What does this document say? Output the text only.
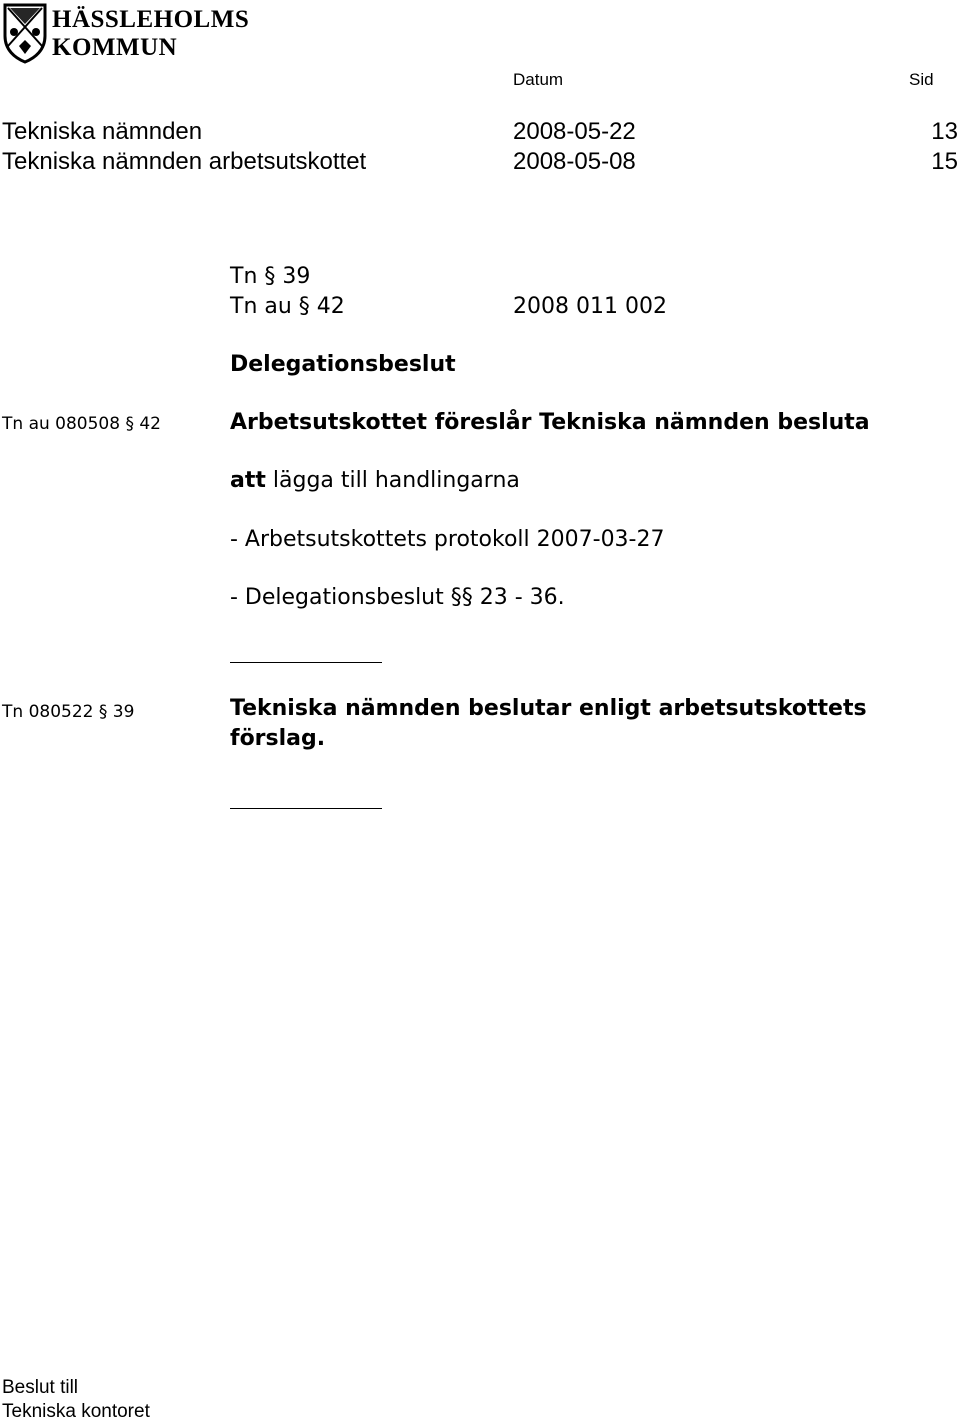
HÄSSLEHOLMS
KOMMUN
Datum	Sid
Tekniska nämnden	2008-05-22	13
Tekniska nämnden arbetsutskottet	2008-05-08	15
Tn § 39
Tn au § 42	2008 011 002
Delegationsbeslut
Tn au 080508 § 42	Arbetsutskottet föreslår Tekniska nämnden besluta
att lägga till handlingarna
- Arbetsutskottets protokoll 2007-03-27
- Delegationsbeslut §§ 23 - 36.
Tn 080522 § 39	Tekniska nämnden beslutar enligt arbetsutskottets
förslag.
Beslut till
Tekniska kontoret
